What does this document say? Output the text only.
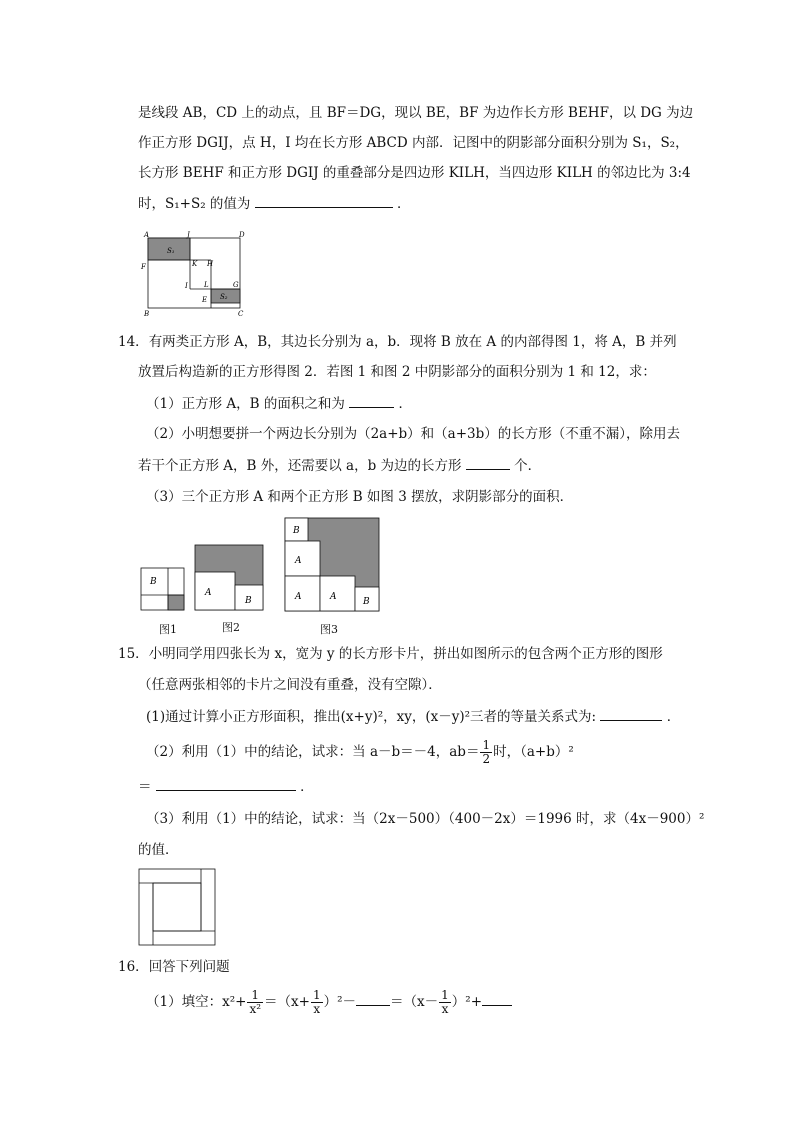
是线段 AB，CD 上的动点，且 BF＝DG，现以 BE，BF 为边作长方形 BEHF，以 DG 为边
作正方形 DGIJ，点 H，I 均在长方形 ABCD 内部．记图中的阴影部分面积分别为 S₁，S₂，
长方形 BEHF 和正方形 DGIJ 的重叠部分是四边形 KILH，当四边形 KILH 的邻边比为 3:4
时，S₁+S₂ 的值为	．
A	J	D
F
S₁
K H
I L	G
E S₂
B	C
14．有两类正方形 A，B，其边长分别为 a，b．现将 B 放在 A 的内部得图 1，将 A，B 并列
放置后构造新的正方形得图 2．若图 1 和图 2 中阴影部分的面积分别为 1 和 12，求：
（1）正方形 A，B 的面积之和为	．
（2）小明想要拼一个两边长分别为（2a+b）和（a+3b）的长方形（不重不漏），除用去
若干个正方形 A，B 外，还需要以 a，b 为边的长方形	个．
（3）三个正方形 A 和两个正方形 B 如图 3 摆放，求阴影部分的面积．
B
A
B
B
A
A	A	B
图1	图2	图3
15．小明同学用四张长为 x，宽为 y 的长方形卡片，拼出如图所示的包含两个正方形的图形
（任意两张相邻的卡片之间没有重叠，没有空隙）．
(1)通过计算小正方形面积，推出(x+y)²，xy，(x－y)²三者的等量关系式为:	．
（2）利用（1）中的结论，试求：当 a－b＝－4，$ab= \frac{1}{2}$ 时，（a+b）²
＝	．
（3）利用（1）中的结论，试求：当（2x－500）（400－2x）＝1996 时，求（4x－900）²
的值．
16．回答下列问题
（1）填空：$x^2+ \frac{1}{\text{x²}} =(x+ \frac{1}{x} )^2-$	$=(x- \frac{1}{x} )^2+$
